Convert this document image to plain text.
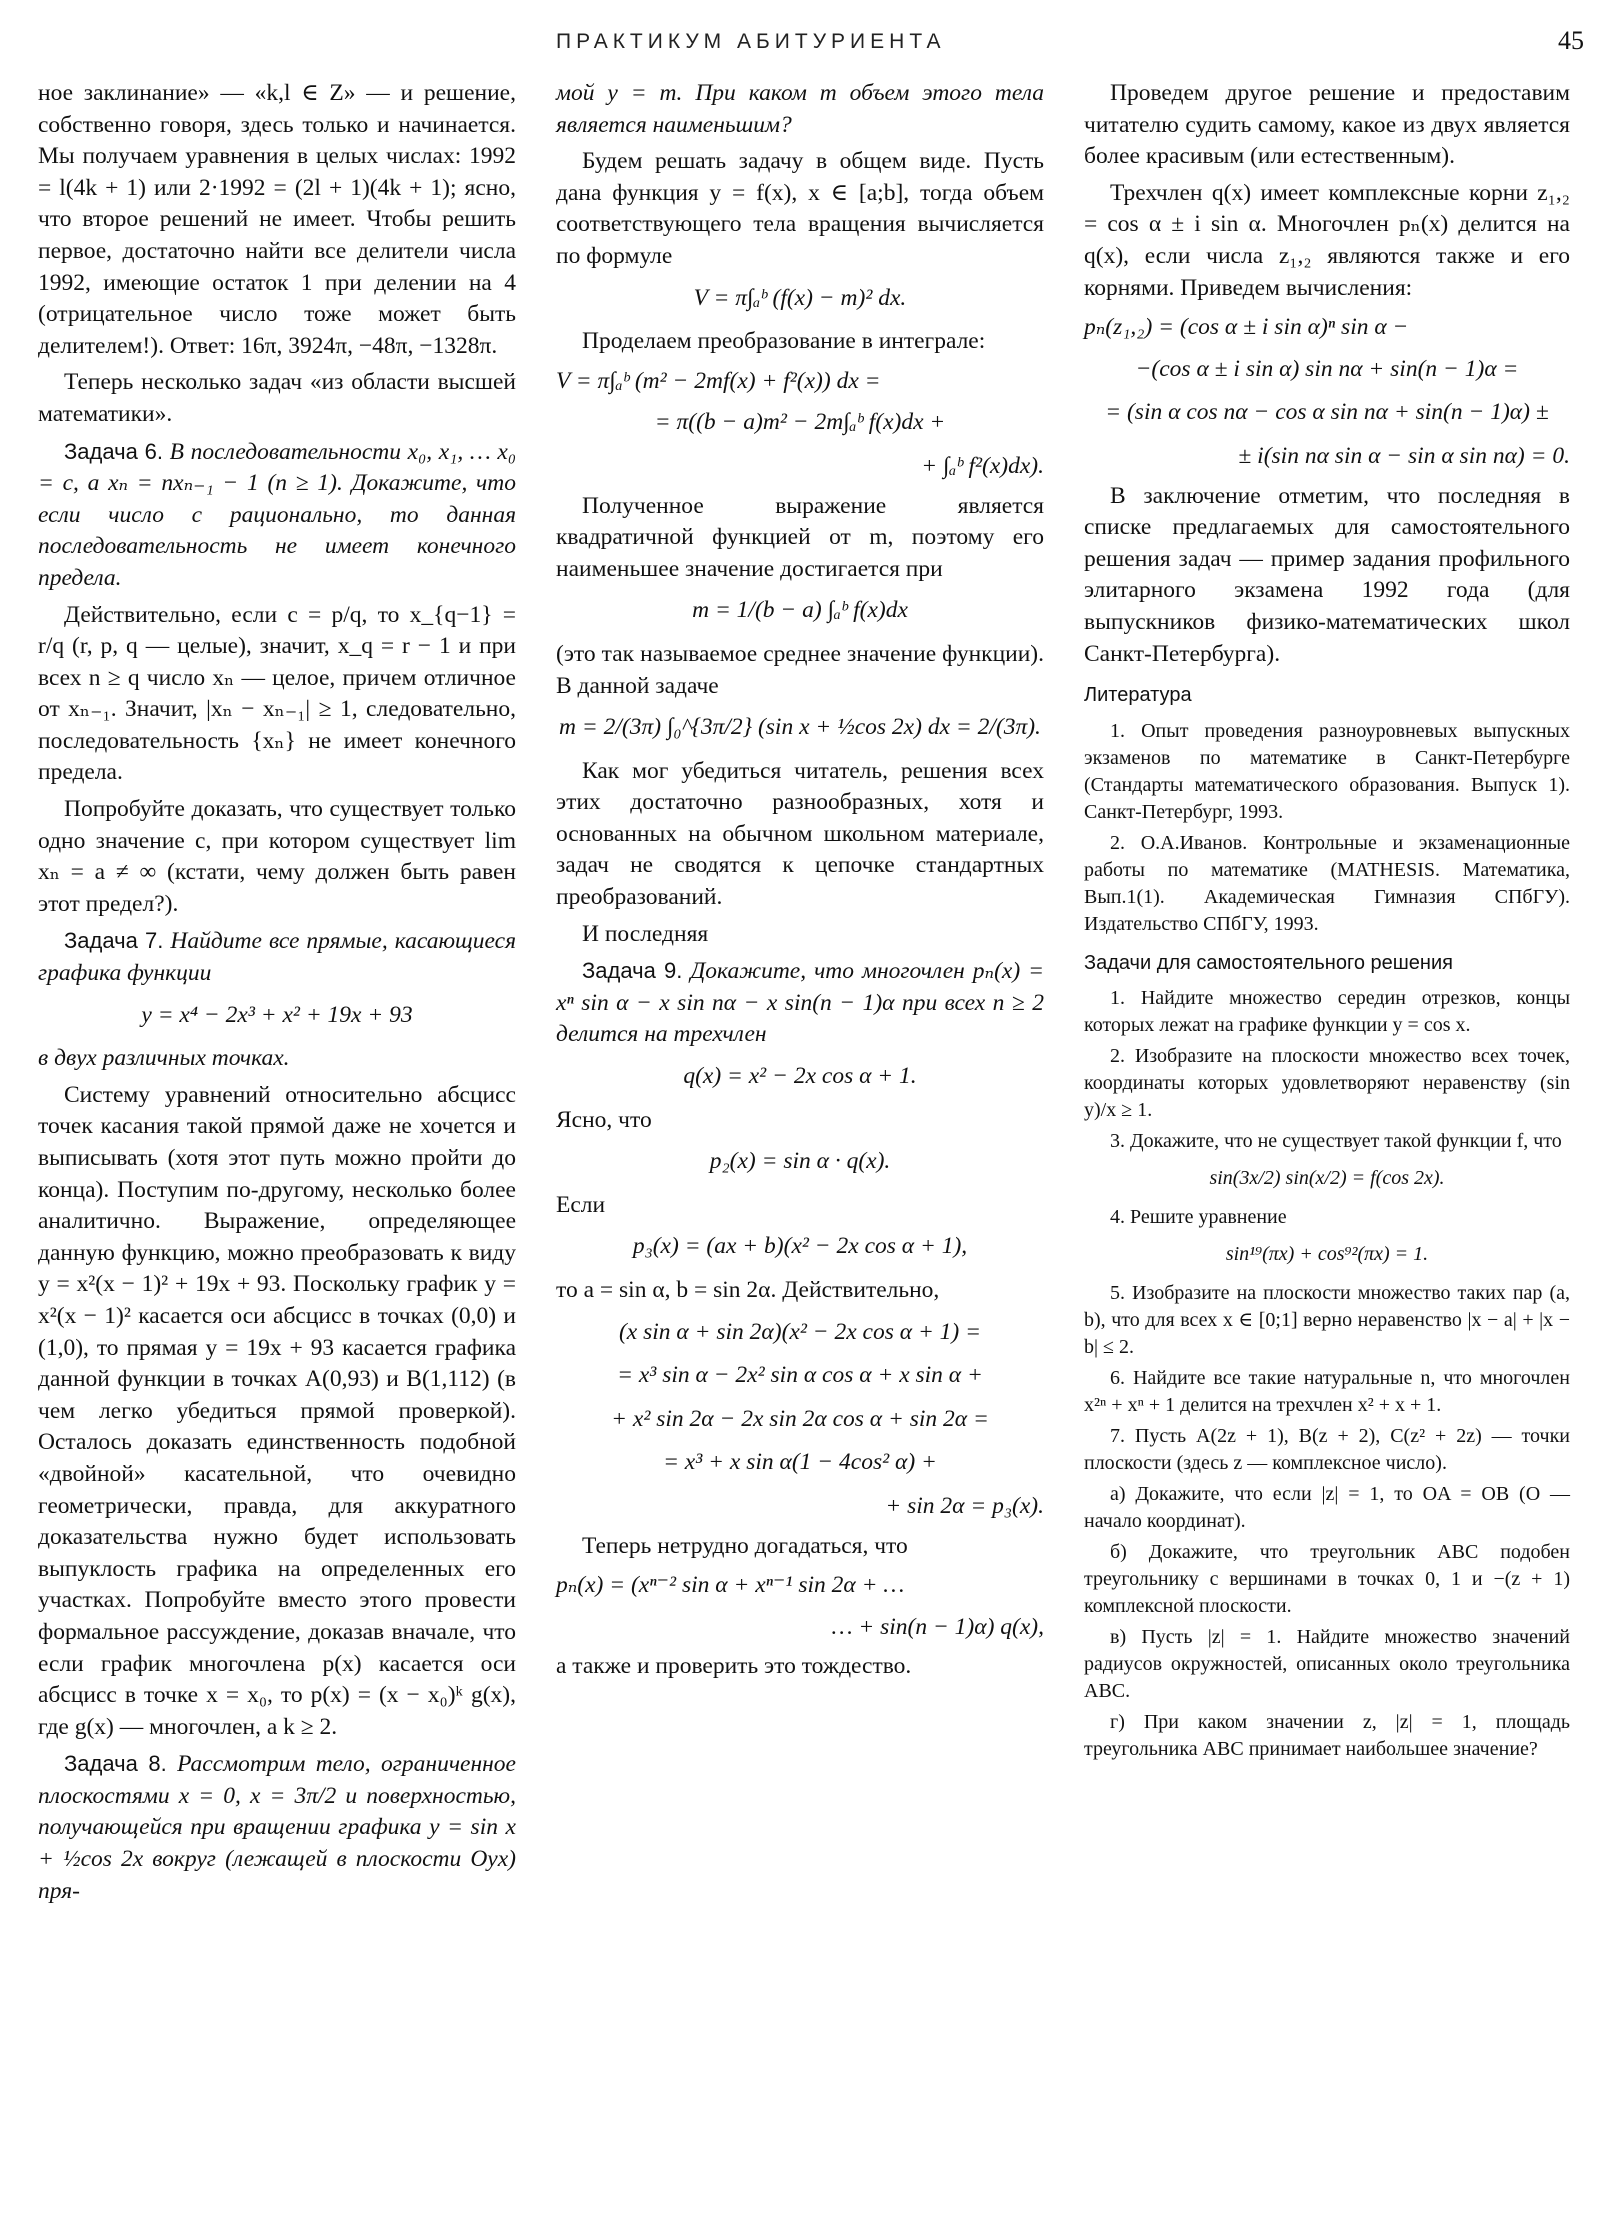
ПРАКТИКУМ АБИТУРИЕНТА	45

ное заклинание» — «k,l ∈ Z» — и решение, собственно говоря, здесь только и начинается. Мы получаем уравнения в целых числах: 1992 = l(4k + 1) или 2·1992 = (2l + 1)(4k + 1); ясно, что второе решений не имеет. Чтобы решить первое, достаточно найти все делители числа 1992, имеющие остаток 1 при делении на 4 (отрицательное число тоже может быть делителем!). Ответ: 16π, 3924π, −48π, −1328π.

Теперь несколько задач «из области высшей математики».

Задача 6. В последовательности x₀, x₁, … x₀ = c, а xₙ = nxₙ₋₁ − 1 (n ≥ 1). Докажите, что если число c рационально, то данная последовательность не имеет конечного предела.

Действительно, если c = p/q, то x_{q−1} = r/q (r, p, q — целые), значит, x_q = r − 1 и при всех n ≥ q число xₙ — целое, причем отличное от xₙ₋₁. Значит, |xₙ − xₙ₋₁| ≥ 1, следовательно, последовательность {xₙ} не имеет конечного предела.

Попробуйте доказать, что существует только одно значение c, при котором существует lim xₙ = a ≠ ∞ (кстати, чему должен быть равен этот предел?).

Задача 7. Найдите все прямые, касающиеся графика функции

y = x⁴ − 2x³ + x² + 19x + 93

в двух различных точках.

Систему уравнений относительно абсцисс точек касания такой прямой даже не хочется и выписывать (хотя этот путь можно пройти до конца). Поступим по-другому, несколько более аналитично. Выражение, определяющее данную функцию, можно преобразовать к виду y = x²(x − 1)² + 19x + 93. Поскольку график y = x²(x − 1)² касается оси абсцисс в точках (0,0) и (1,0), то прямая y = 19x + 93 касается графика данной функции в точках A(0,93) и B(1,112) (в чем легко убедиться прямой проверкой). Осталось доказать единственность подобной «двойной» касательной, что очевидно геометрически, правда, для аккуратного доказательства нужно будет использовать выпуклость графика на определенных его участках. Попробуйте вместо этого провести формальное рассуждение, доказав вначале, что если график многочлена p(x) касается оси абсцисс в точке x = x₀, то p(x) = (x − x₀)ᵏ g(x), где g(x) — многочлен, а k ≥ 2.

Задача 8. Рассмотрим тело, ограниченное плоскостями x = 0, x = 3π/2 и поверхностью, получающейся при вращении графика y = sin x + ½cos 2x вокруг (лежащей в плоскости Oyx) пря-

мой y = m. При каком m объем этого тела является наименьшим?

Будем решать задачу в общем виде. Пусть дана функция y = f(x), x ∈ [a;b], тогда объем соответствующего тела вращения вычисляется по формуле

V = π∫ₐᵇ (f(x) − m)² dx.

Проделаем преобразование в интеграле:

V = π∫ₐᵇ (m² − 2mf(x) + f²(x)) dx =
= π((b − a)m² − 2m∫ₐᵇ f(x)dx +
+ ∫ₐᵇ f²(x)dx).

Полученное выражение является квадратичной функцией от m, поэтому его наименьшее значение достигается при

m = 1/(b − a) ∫ₐᵇ f(x)dx

(это так называемое среднее значение функции). В данной задаче

m = 2/(3π) ∫₀^{3π/2} (sin x + ½cos 2x) dx = 2/(3π).

Как мог убедиться читатель, решения всех этих достаточно разнообразных, хотя и основанных на обычном школьном материале, задач не сводятся к цепочке стандартных преобразований.

И последняя

Задача 9. Докажите, что многочлен pₙ(x) = xⁿ sin α − x sin nα − x sin(n − 1)α при всех n ≥ 2 делится на трехчлен

q(x) = x² − 2x cos α + 1.

Ясно, что

p₂(x) = sin α · q(x).

Если

p₃(x) = (ax + b)(x² − 2x cos α + 1),

то a = sin α, b = sin 2α. Действительно,

(x sin α + sin 2α)(x² − 2x cos α + 1) =
= x³ sin α − 2x² sin α cos α + x sin α +
+ x² sin 2α − 2x sin 2α cos α + sin 2α =
= x³ + x sin α(1 − 4cos² α) +
+ sin 2α = p₃(x).

Теперь нетрудно догадаться, что

pₙ(x) = (xⁿ⁻² sin α + xⁿ⁻¹ sin 2α + …
… + sin(n − 1)α) q(x),

а также и проверить это тождество.

Проведем другое решение и предоставим читателю судить самому, какое из двух является более красивым (или естественным).

Трехчлен q(x) имеет комплексные корни z₁,₂ = cos α ± i sin α. Многочлен pₙ(x) делится на q(x), если числа z₁,₂ являются также и его корнями. Приведем вычисления:

pₙ(z₁,₂) = (cos α ± i sin α)ⁿ sin α −
−(cos α ± i sin α) sin nα + sin(n − 1)α =
= (sin α cos nα − cos α sin nα + sin(n − 1)α) ±
± i(sin nα sin α − sin α sin nα) = 0.

В заключение отметим, что последняя в списке предлагаемых для самостоятельного решения задач — пример задания профильного элитарного экзамена 1992 года (для выпускников физико-математических школ Санкт-Петербурга).

Литература

1. Опыт проведения разноуровневых выпускных экзаменов по математике в Санкт-Петербурге (Стандарты математического образования. Выпуск 1). Санкт-Петербург, 1993.

2. О.А.Иванов. Контрольные и экзаменационные работы по математике (MATHESIS. Математика, Вып.1(1). Академическая Гимназия СПбГУ). Издательство СПбГУ, 1993.

Задачи для самостоятельного решения

1. Найдите множество середин отрезков, концы которых лежат на графике функции y = cos x.

2. Изобразите на плоскости множество всех точек, координаты которых удовлетворяют неравенству (sin y)/x ≥ 1.

3. Докажите, что не существует такой функции f, что

sin(3x/2) sin(x/2) = f(cos 2x).

4. Решите уравнение

sin¹⁹(πx) + cos⁹²(πx) = 1.

5. Изобразите на плоскости множество таких пар (a, b), что для всех x ∈ [0;1] верно неравенство |x − a| + |x − b| ≤ 2.

6. Найдите все такие натуральные n, что многочлен x²ⁿ + xⁿ + 1 делится на трехчлен x² + x + 1.

7. Пусть A(2z + 1), B(z + 2), C(z² + 2z) — точки плоскости (здесь z — комплексное число).

а) Докажите, что если |z| = 1, то OA = OB (O — начало координат).

б) Докажите, что треугольник ABC подобен треугольнику с вершинами в точках 0, 1 и −(z + 1) комплексной плоскости.

в) Пусть |z| = 1. Найдите множество значений радиусов окружностей, описанных около треугольника ABC.

г) При каком значении z, |z| = 1, площадь треугольника ABC принимает наибольшее значение?
